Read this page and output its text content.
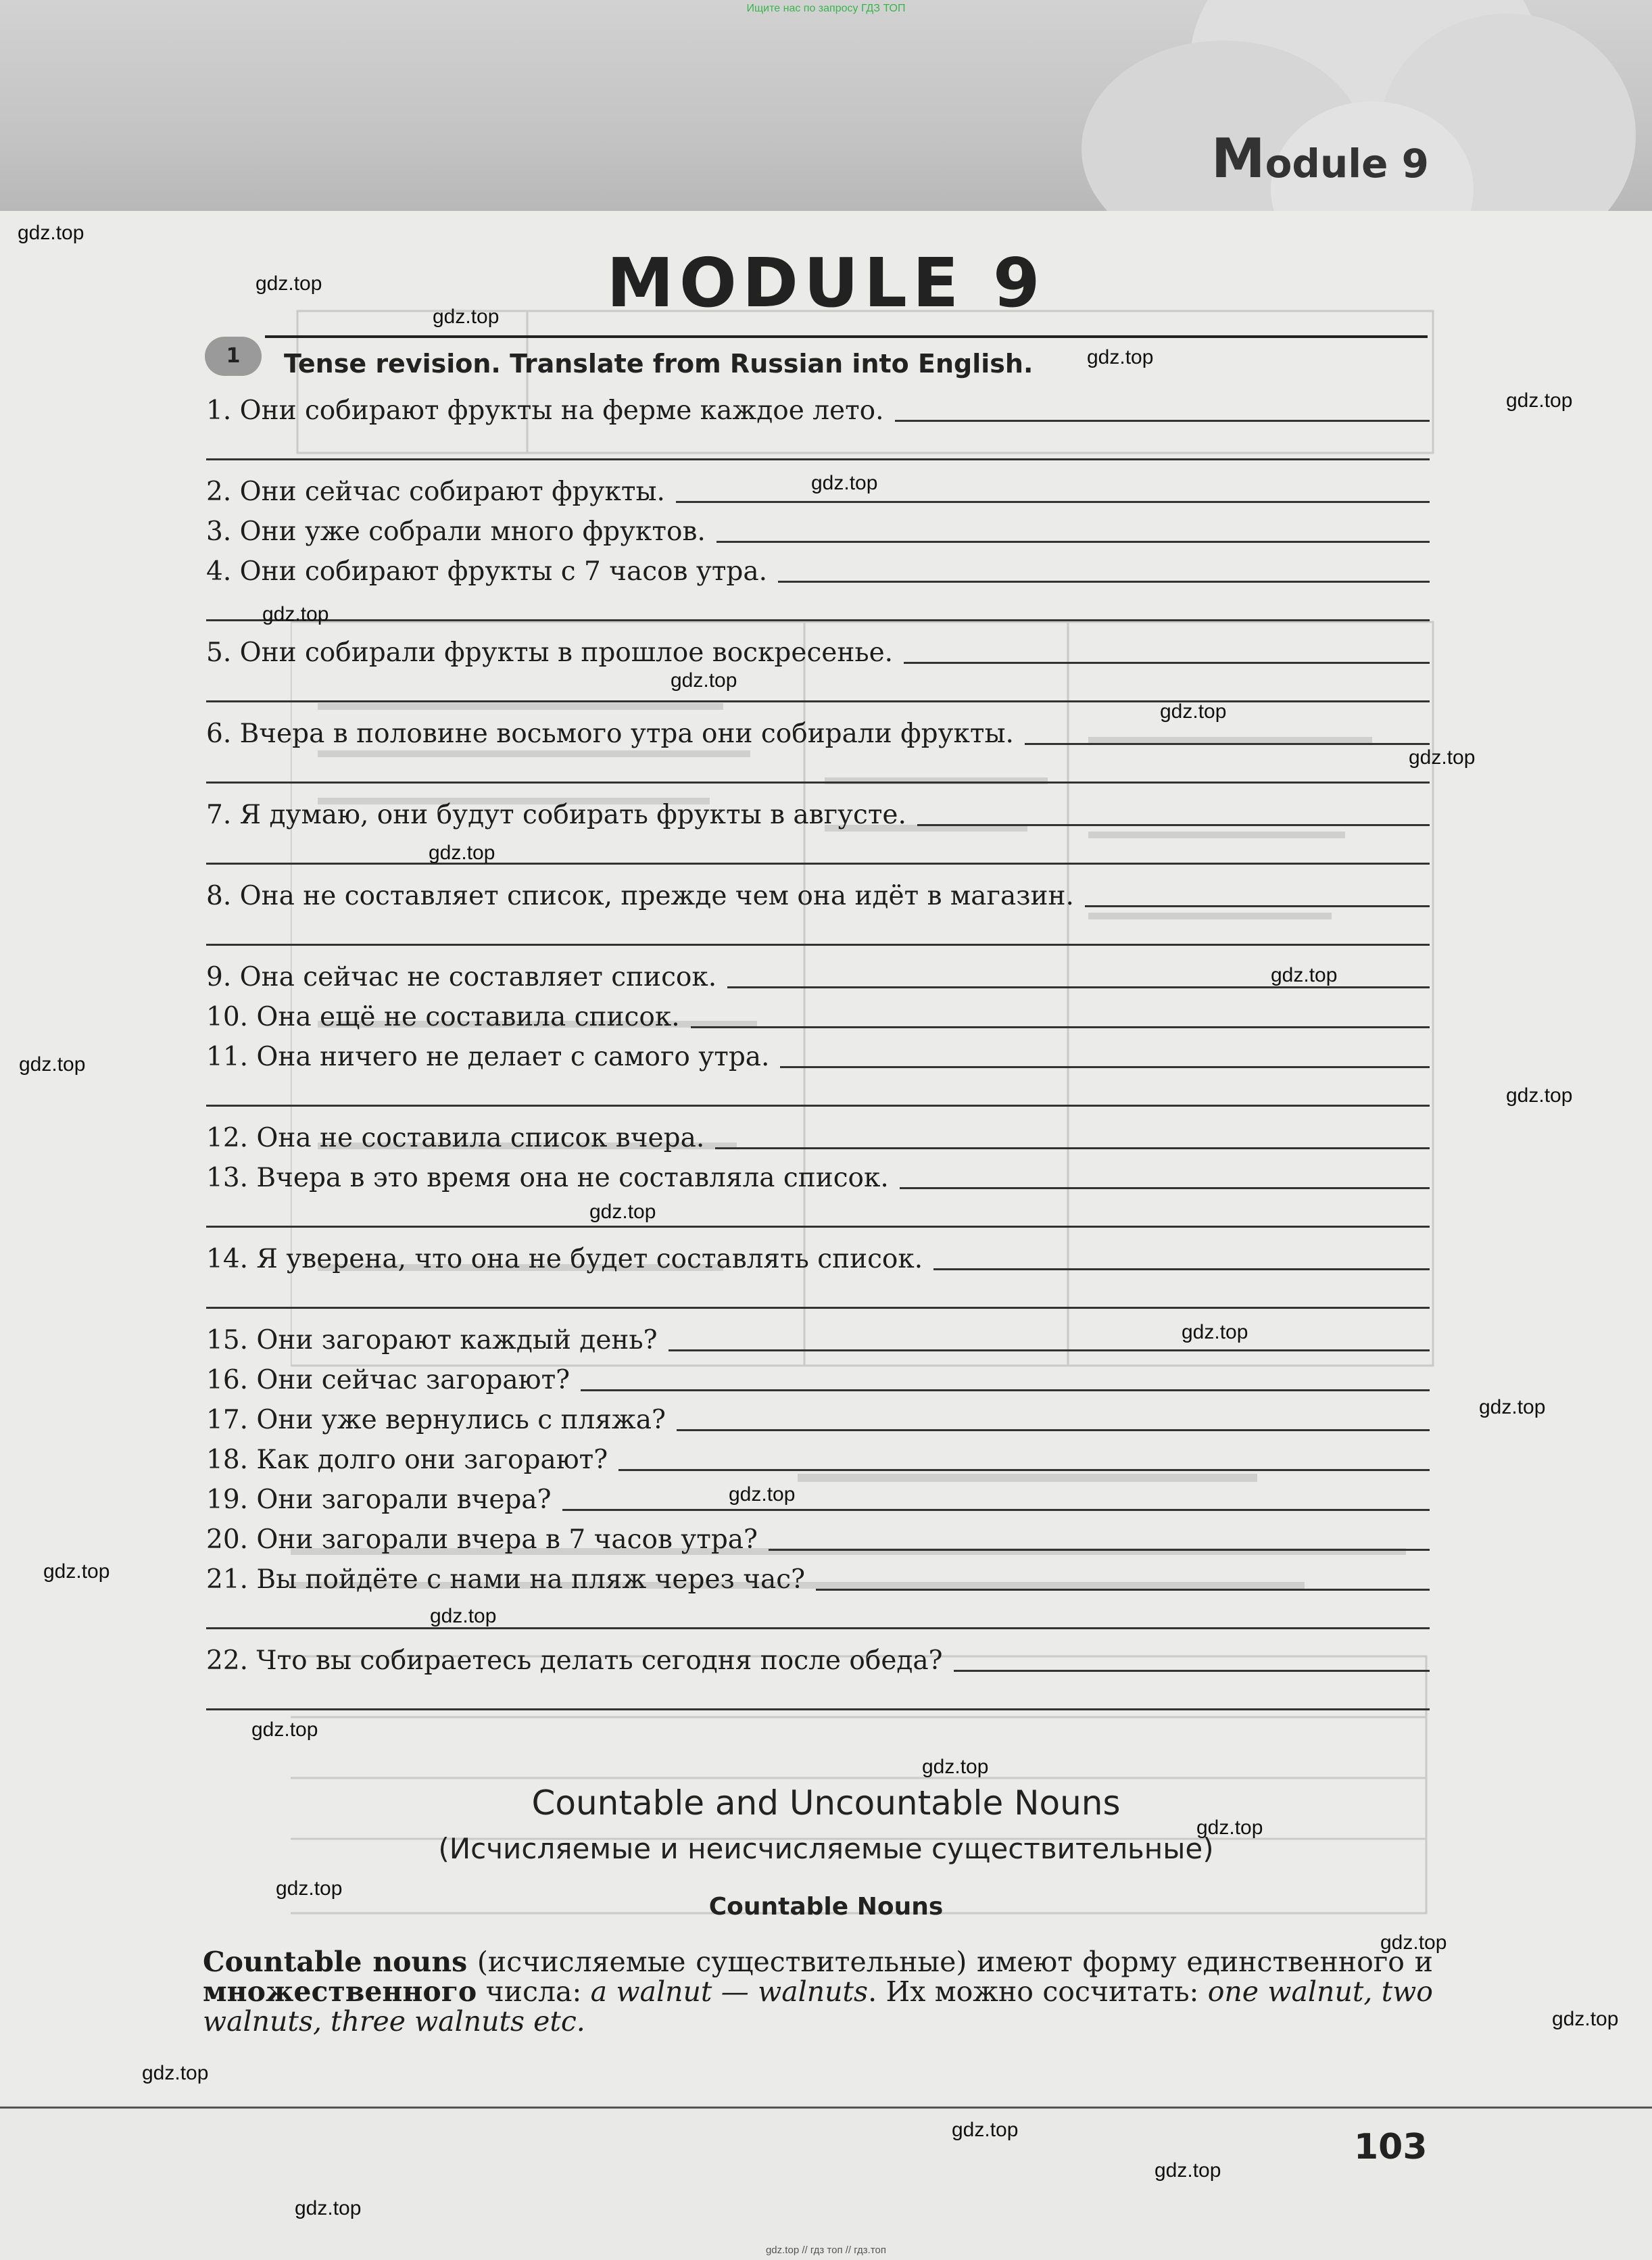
Module 9
Ищите нас по запросу ГДЗ ТОП
MODULE 9
1	Tense revision. Translate from Russian into English.
1. Они собирают фрукты на ферме каждое лето.
2. Они сейчас собирают фрукты.
3. Они уже собрали много фруктов.
4. Они собирают фрукты с 7 часов утра.
5. Они собирали фрукты в прошлое воскресенье.
6. Вчера в половине восьмого утра они собирали фрукты.
7. Я думаю, они будут собирать фрукты в августе.
8. Она не составляет список, прежде чем она идёт в магазин.
9. Она сейчас не составляет список.
10. Она ещё не составила список.
11. Она ничего не делает с самого утра.
12. Она не составила список вчера.
13. Вчера в это время она не составляла список.
14. Я уверена, что она не будет составлять список.
15. Они загорают каждый день?
16. Они сейчас загорают?
17. Они уже вернулись с пляжа?
18. Как долго они загорают?
19. Они загорали вчера?
20. Они загорали вчера в 7 часов утра?
21. Вы пойдёте с нами на пляж через час?
22. Что вы собираетесь делать сегодня после обеда?
Countable and Uncountable Nouns
(Исчисляемые и неисчисляемые существительные)
Countable Nouns
Countable nouns (исчисляемые существительные) имеют форму единственного и множественного числа: a walnut — walnuts. Их можно сосчитать: one walnut, two walnuts, three walnuts etc.
103
gdz.top // гдз топ // гдз.топ
gdz.top
gdz.top
gdz.top
gdz.top
gdz.top
gdz.top
gdz.top
gdz.top
gdz.top
gdz.top
gdz.top
gdz.top
gdz.top
gdz.top
gdz.top
gdz.top
gdz.top
gdz.top
gdz.top
gdz.top
gdz.top
gdz.top
gdz.top
gdz.top
gdz.top
gdz.top
gdz.top
gdz.top
gdz.top
gdz.top
